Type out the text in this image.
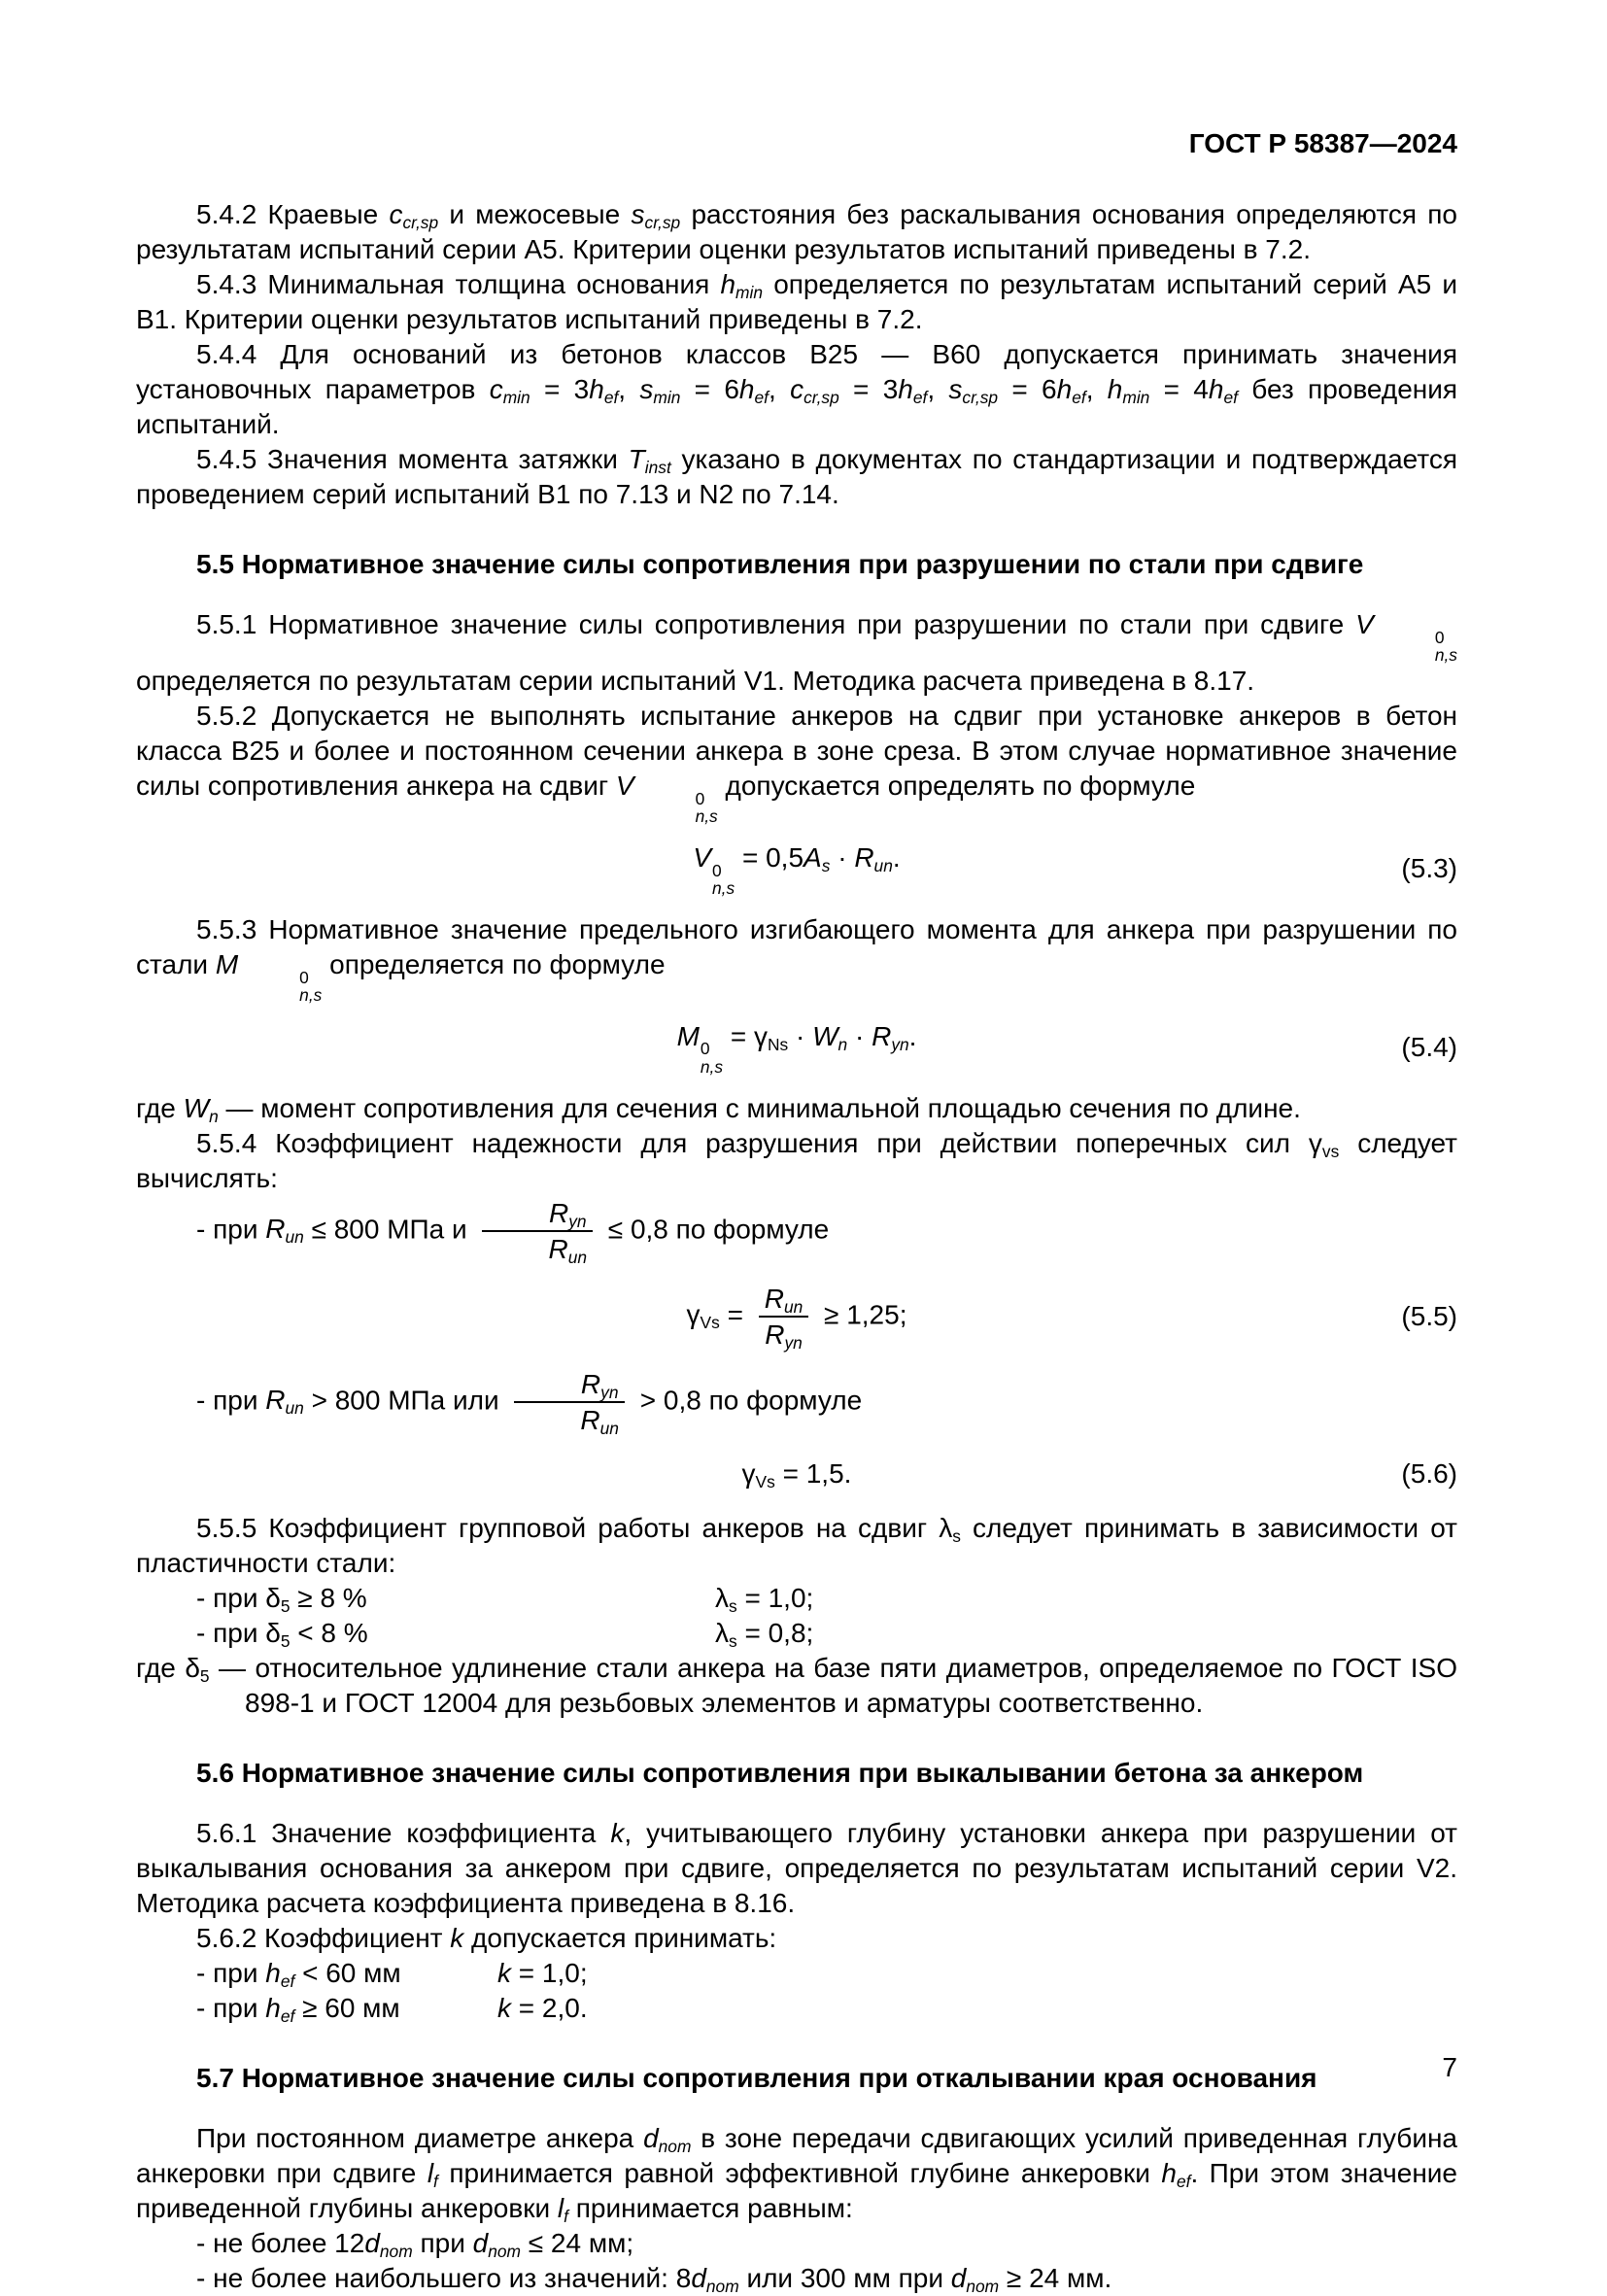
ГОСТ Р 58387—2024
5.4.2 Краевые $c_{cr,sp}$ и межосевые $s_{cr,sp}$ расстояния без раскалывания основания определяются по результатам испытаний серии А5. Критерии оценки результатов испытаний приведены в 7.2.
5.4.3 Минимальная толщина основания $h_{min}$ определяется по результатам испытаний серий А5 и В1. Критерии оценки результатов испытаний приведены в 7.2.
5.4.4 Для оснований из бетонов классов В25 — В60 допускается принимать значения установочных параметров $c_{min} = 3h_{ef}$, $s_{min} = 6h_{ef}$, $c_{cr,sp} = 3h_{ef}$, $s_{cr,sp} = 6h_{ef}$, $h_{min} = 4h_{ef}$ без проведения испытаний.
5.4.5 Значения момента затяжки $T_{inst}$ указано в документах по стандартизации и подтверждается проведением серий испытаний В1 по 7.13 и N2 по 7.14.
5.5 Нормативное значение силы сопротивления при разрушении по стали при сдвиге
5.5.1 Нормативное значение силы сопротивления при разрушении по стали при сдвиге V	0
n,s
определяется по результатам серии испытаний V1. Методика расчета приведена в 8.17.
5.5.2 Допускается не выполнять испытание анкеров на сдвиг при установке анкеров в бетон класса В25 и более и постоянном сечении анкера в зоне среза. В этом случае нормативное значение силы сопротивления анкера на сдвиг V	0
n,s
допускается определять по формуле
V 0
n,s
= $0,5A_s \cdot R_{un}$.	(5.3)
5.5.3 Нормативное значение предельного изгибающего момента для анкера при разрушении по стали M	0
n,s
определяется по формуле
M 0
n,s
= $\gamma_{Ns} \cdot W_n \cdot R_{yn}$.	(5.4)
где $W_n$ — момент сопротивления для сечения с минимальной площадью сечения по длине.
5.5.4 Коэффициент надежности для разрушения при действии поперечных сил $\gamma_{vs}$ следует вычислять:
- при $R_{un} \le 800$ МПа и $\frac{R_{yn}}{R_{un}} \le 0,8$ по формуле
$\gamma_{Vs} = \frac{R_{un}}{R_{yn}} \ge 1,25$;	(5.5)
- при $R_{un} > 800$ МПа или $\frac{R_{yn}}{R_{un}} > 0,8$ по формуле
$\gamma_{Vs} = 1,5$.	(5.6)
5.5.5 Коэффициент групповой работы анкеров на сдвиг $\lambda_s$ следует принимать в зависимости от пластичности стали:
- при $\delta_5 \ge 8$ %	$\lambda_s = 1,0$;
- при $\delta_5 < 8$ %	$\lambda_s = 0,8$;
где $\delta_5$ — относительное удлинение стали анкера на базе пяти диаметров, определяемое по ГОСТ ISO 898-1 и ГОСТ 12004 для резьбовых элементов и арматуры соответственно.
5.6 Нормативное значение силы сопротивления при выкалывании бетона за анкером
5.6.1 Значение коэффициента k, учитывающего глубину установки анкера при разрушении от выкалывания основания за анкером при сдвиге, определяется по результатам испытаний серии V2. Методика расчета коэффициента приведена в 8.16.
5.6.2 Коэффициент k допускается принимать:
- при $h_{ef} < 60$ мм	k = 1,0;
- при $h_{ef} \ge 60$ мм	k = 2,0.
5.7 Нормативное значение силы сопротивления при откалывании края основания
При постоянном диаметре анкера $d_{nom}$ в зоне передачи сдвигающих усилий приведенная глубина анкеровки при сдвиге $l_f$ принимается равной эффективной глубине анкеровки $h_{ef}$. При этом значение приведенной глубины анкеровки $l_f$ принимается равным:
- не более $12d_{nom}$ при $d_{nom} \le 24$ мм;
- не более наибольшего из значений: $8d_{nom}$ или 300 мм при $d_{nom} \ge 24$ мм.
7
